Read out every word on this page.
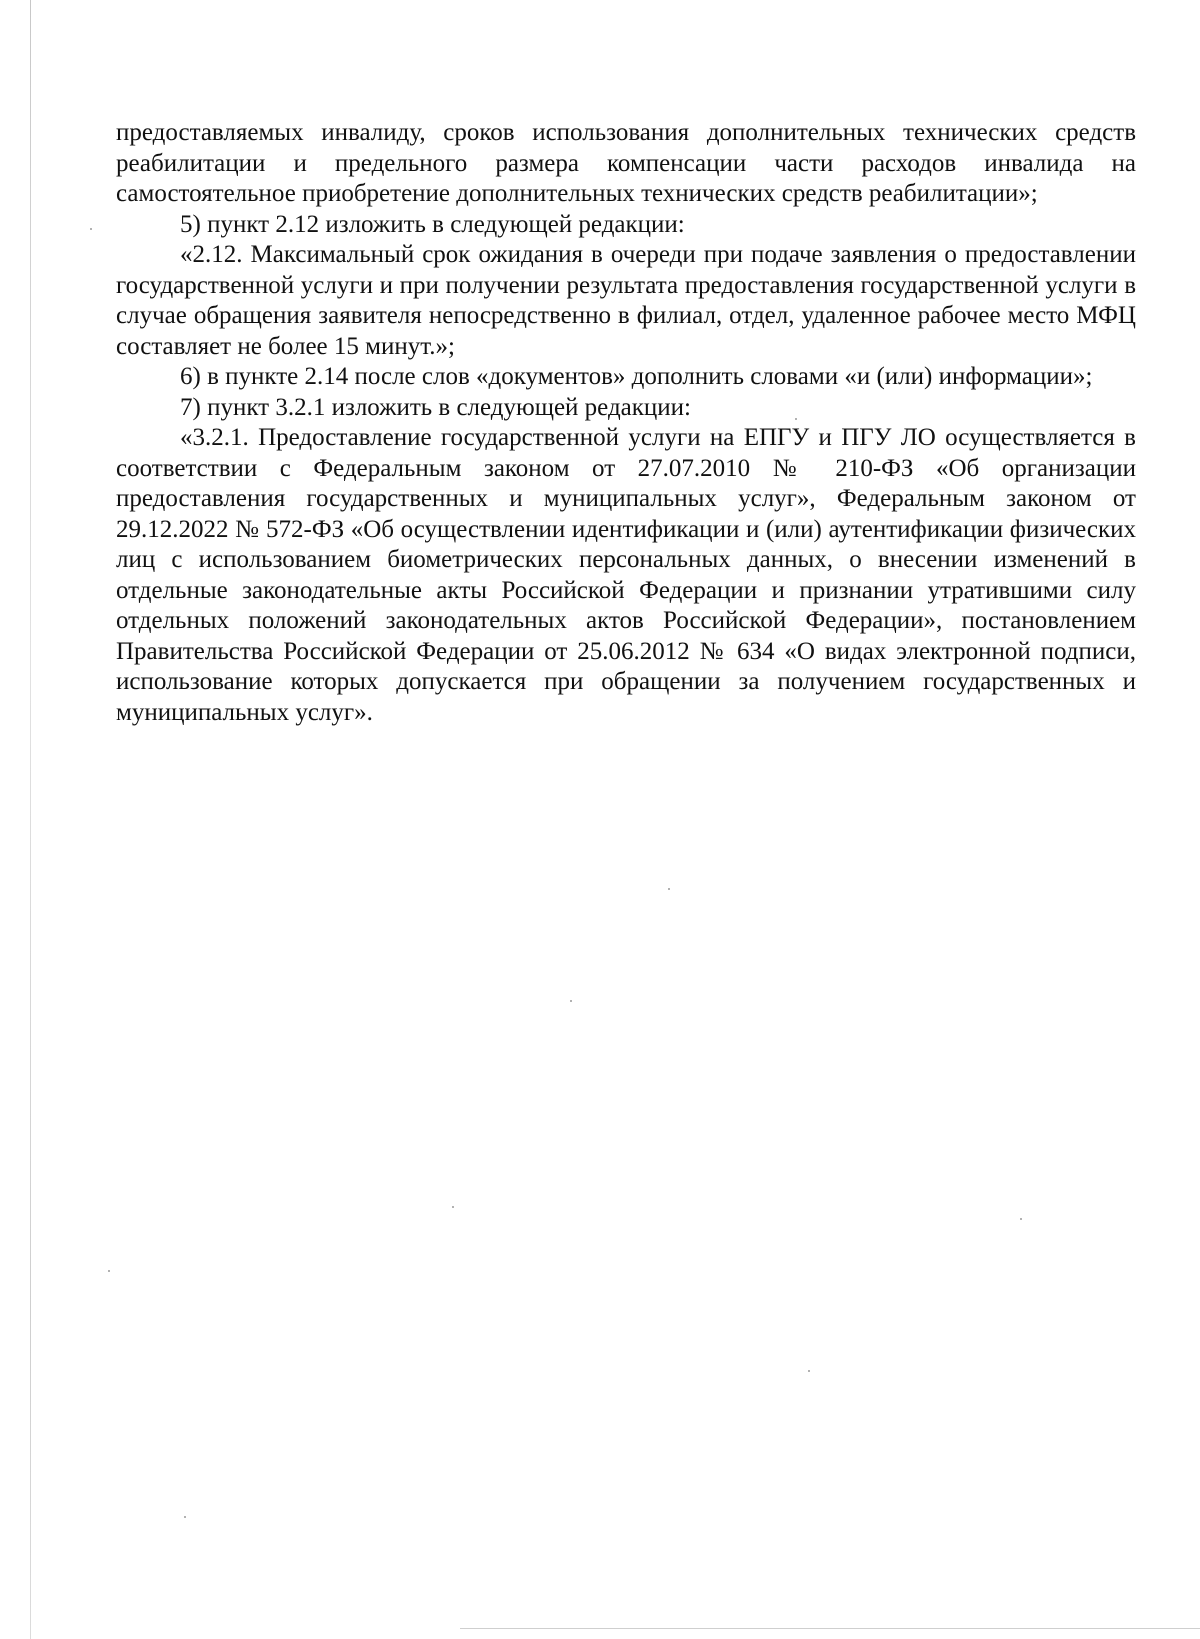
предоставляемых инвалиду, сроков использования дополнительных технических средств реабилитации и предельного размера компенсации части расходов инвалида на самостоятельное приобретение дополнительных технических средств реабилитации»;

5) пункт 2.12 изложить в следующей редакции:

«2.12. Максимальный срок ожидания в очереди при подаче заявления о предоставлении государственной услуги и при получении результата предоставления государственной услуги в случае обращения заявителя непосредственно в филиал, отдел, удаленное рабочее место МФЦ составляет не более 15 минут.»;

6) в пункте 2.14 после слов «документов» дополнить словами «и (или) информации»;

7) пункт 3.2.1 изложить в следующей редакции:

«3.2.1. Предоставление государственной услуги на ЕПГУ и ПГУ ЛО осуществляется в соответствии с Федеральным законом от 27.07.2010 № 210-ФЗ «Об организации предоставления государственных и муниципальных услуг», Федеральным законом от 29.12.2022 № 572-ФЗ «Об осуществлении идентификации и (или) аутентификации физических лиц с использованием биометрических персональных данных, о внесении изменений в отдельные законодательные акты Российской Федерации и признании утратившими силу отдельных положений законодательных актов Российской Федерации», постановлением Правительства Российской Федерации от 25.06.2012 № 634 «О видах электронной подписи, использование которых допускается при обращении за получением государственных и муниципальных услуг».
